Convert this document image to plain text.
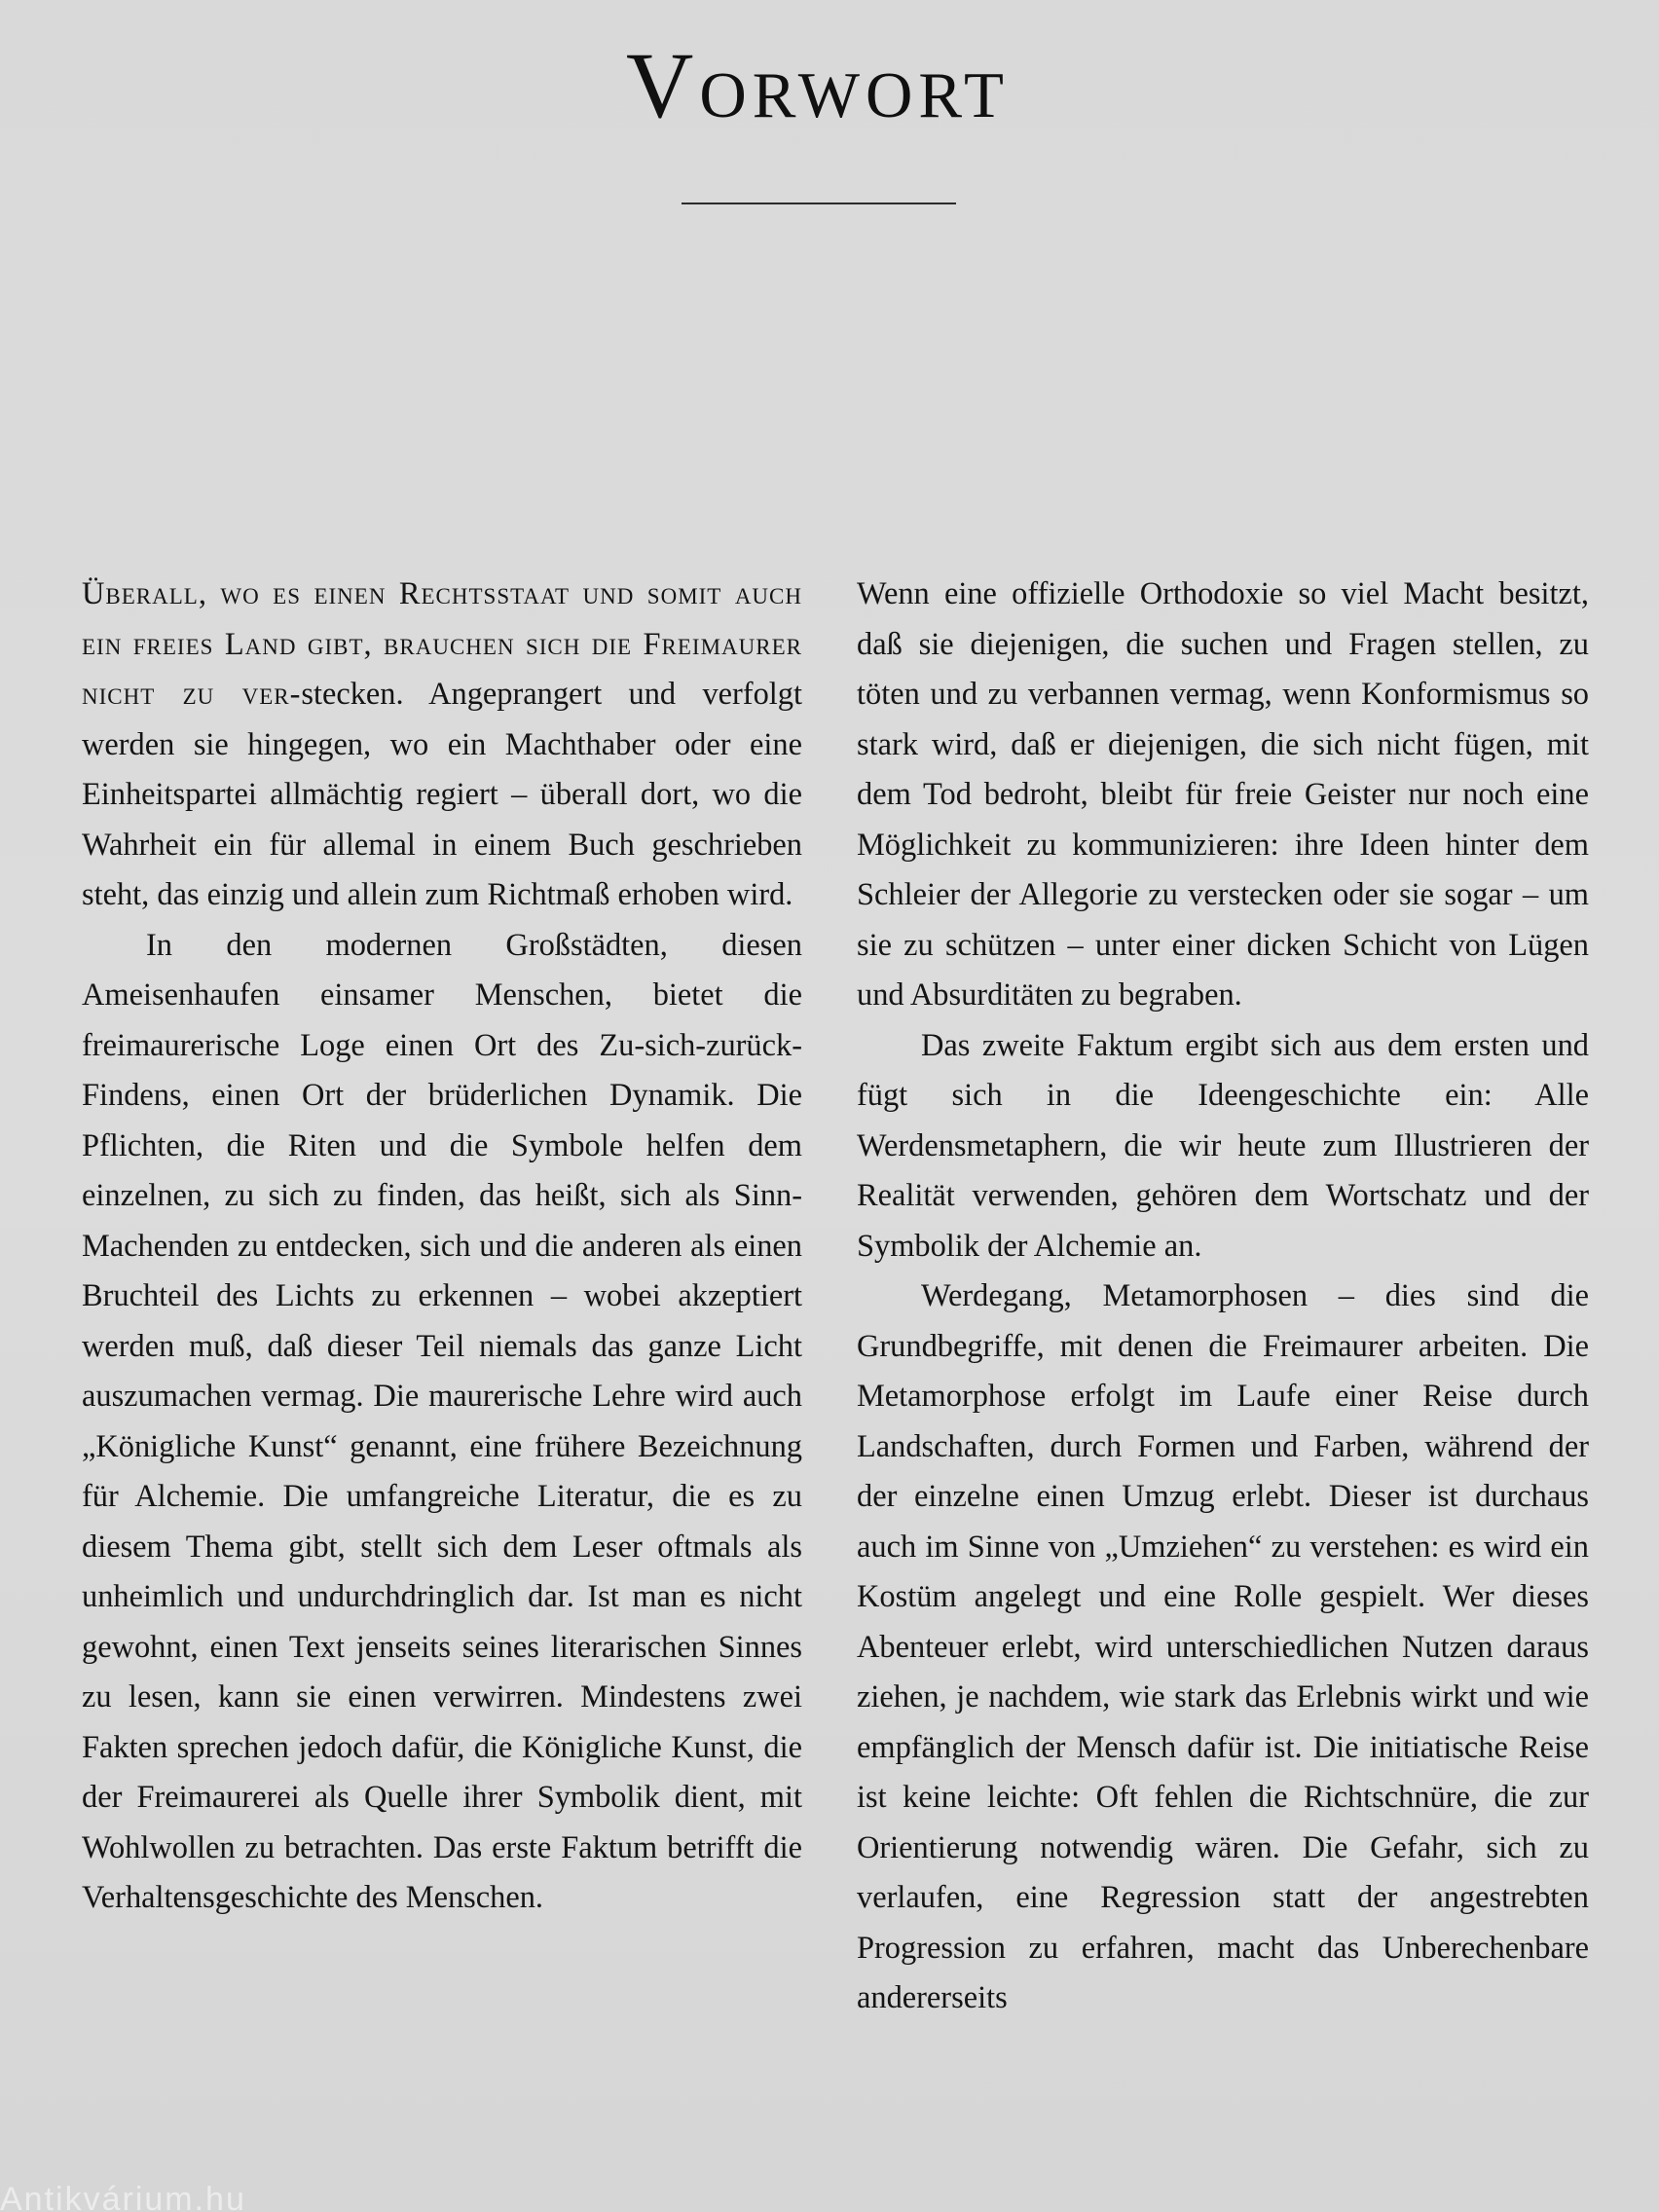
Vorwort

Überall, wo es einen Rechtsstaat und somit auch ein freies Land gibt, brauchen sich die Freimaurer nicht zu ver-stecken. Angeprangert und verfolgt werden sie hingegen, wo ein Machthaber oder eine Einheitspartei allmächtig regiert – überall dort, wo die Wahrheit ein für allemal in einem Buch geschrieben steht, das einzig und allein zum Richtmaß erhoben wird.

In den modernen Großstädten, diesen Ameisenhaufen einsamer Menschen, bietet die freimaurerische Loge einen Ort des Zu-sich-zurück-Findens, einen Ort der brüderlichen Dynamik. Die Pflichten, die Riten und die Symbole helfen dem einzelnen, zu sich zu finden, das heißt, sich als Sinn-Machenden zu entdecken, sich und die anderen als einen Bruchteil des Lichts zu erkennen – wobei akzeptiert werden muß, daß dieser Teil niemals das ganze Licht auszumachen vermag. Die maurerische Lehre wird auch „Königliche Kunst“ genannt, eine frühere Bezeichnung für Alchemie. Die umfangreiche Literatur, die es zu diesem Thema gibt, stellt sich dem Leser oftmals als unheimlich und undurchdringlich dar. Ist man es nicht gewohnt, einen Text jenseits seines literarischen Sinnes zu lesen, kann sie einen verwirren. Mindestens zwei Fakten sprechen jedoch dafür, die Königliche Kunst, die der Freimaurerei als Quelle ihrer Symbolik dient, mit Wohlwollen zu betrachten. Das erste Faktum betrifft die Verhaltensgeschichte des Menschen.

Wenn eine offizielle Orthodoxie so viel Macht besitzt, daß sie diejenigen, die suchen und Fragen stellen, zu töten und zu verbannen vermag, wenn Konformismus so stark wird, daß er diejenigen, die sich nicht fügen, mit dem Tod bedroht, bleibt für freie Geister nur noch eine Möglichkeit zu kommunizieren: ihre Ideen hinter dem Schleier der Allegorie zu verstecken oder sie sogar – um sie zu schützen – unter einer dicken Schicht von Lügen und Absurditäten zu begraben.

Das zweite Faktum ergibt sich aus dem ersten und fügt sich in die Ideengeschichte ein: Alle Werdensmetaphern, die wir heute zum Illustrieren der Realität verwenden, gehören dem Wortschatz und der Symbolik der Alchemie an.

Werdegang, Metamorphosen – dies sind die Grundbegriffe, mit denen die Freimaurer arbeiten. Die Metamorphose erfolgt im Laufe einer Reise durch Landschaften, durch Formen und Farben, während der der einzelne einen Umzug erlebt. Dieser ist durchaus auch im Sinne von „Umziehen“ zu verstehen: es wird ein Kostüm angelegt und eine Rolle gespielt. Wer dieses Abenteuer erlebt, wird unterschiedlichen Nutzen daraus ziehen, je nachdem, wie stark das Erlebnis wirkt und wie empfänglich der Mensch dafür ist. Die initiatische Reise ist keine leichte: Oft fehlen die Richtschnüre, die zur Orientierung notwendig wären. Die Gefahr, sich zu verlaufen, eine Regression statt der angestrebten Progression zu erfahren, macht das Unberechenbare andererseits

Antikvárium.hu
